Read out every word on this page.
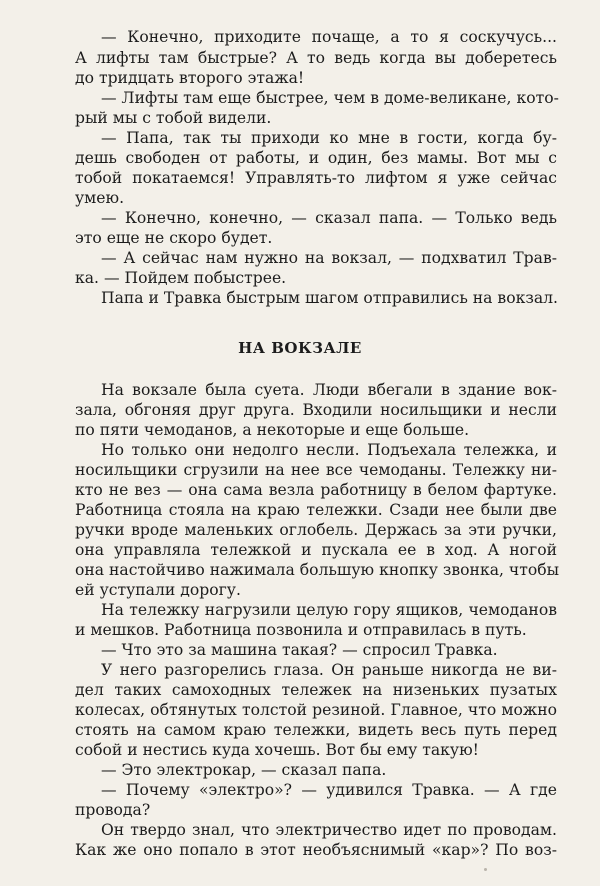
— Конечно, приходите почаще, а то я соскучусь...
А лифты там быстрые? А то ведь когда вы доберетесь
до тридцать второго этажа!
— Лифты там еще быстрее, чем в доме-великане, кото-
рый мы с тобой видели.
— Папа, так ты приходи ко мне в гости, когда бу-
дешь свободен от работы, и один, без мамы. Вот мы с
тобой покатаемся! Управлять-то лифтом я уже сейчас
умею.
— Конечно, конечно, — сказал папа. — Только ведь
это еще не скоро будет.
— А сейчас нам нужно на вокзал, — подхватил Трав-
ка. — Пойдем побыстрее.
Папа и Травка быстрым шагом отправились на вокзал.
НА ВОКЗАЛЕ
На вокзале была суета. Люди вбегали в здание вок-
зала, обгоняя друг друга. Входили носильщики и несли
по пяти чемоданов, а некоторые и еще больше.
Но только они недолго несли. Подъехала тележка, и
носильщики сгрузили на нее все чемоданы. Тележку ни-
кто не вез — она сама везла работницу в белом фартуке.
Работница стояла на краю тележки. Сзади нее были две
ручки вроде маленьких оглобель. Держась за эти ручки,
она управляла тележкой и пускала ее в ход. А ногой
она настойчиво нажимала большую кнопку звонка, чтобы
ей уступали дорогу.
На тележку нагрузили целую гору ящиков, чемоданов
и мешков. Работница позвонила и отправилась в путь.
— Что это за машина такая? — спросил Травка.
У него разгорелись глаза. Он раньше никогда не ви-
дел таких самоходных тележек на низеньких пузатых
колесах, обтянутых толстой резиной. Главное, что можно
стоять на самом краю тележки, видеть весь путь перед
собой и нестись куда хочешь. Вот бы ему такую!
— Это электрокар, — сказал папа.
— Почему «электро»? — удивился Травка. — А где
провода?
Он твердо знал, что электричество идет по проводам.
Как же оно попало в этот необъяснимый «кар»? По воз-
